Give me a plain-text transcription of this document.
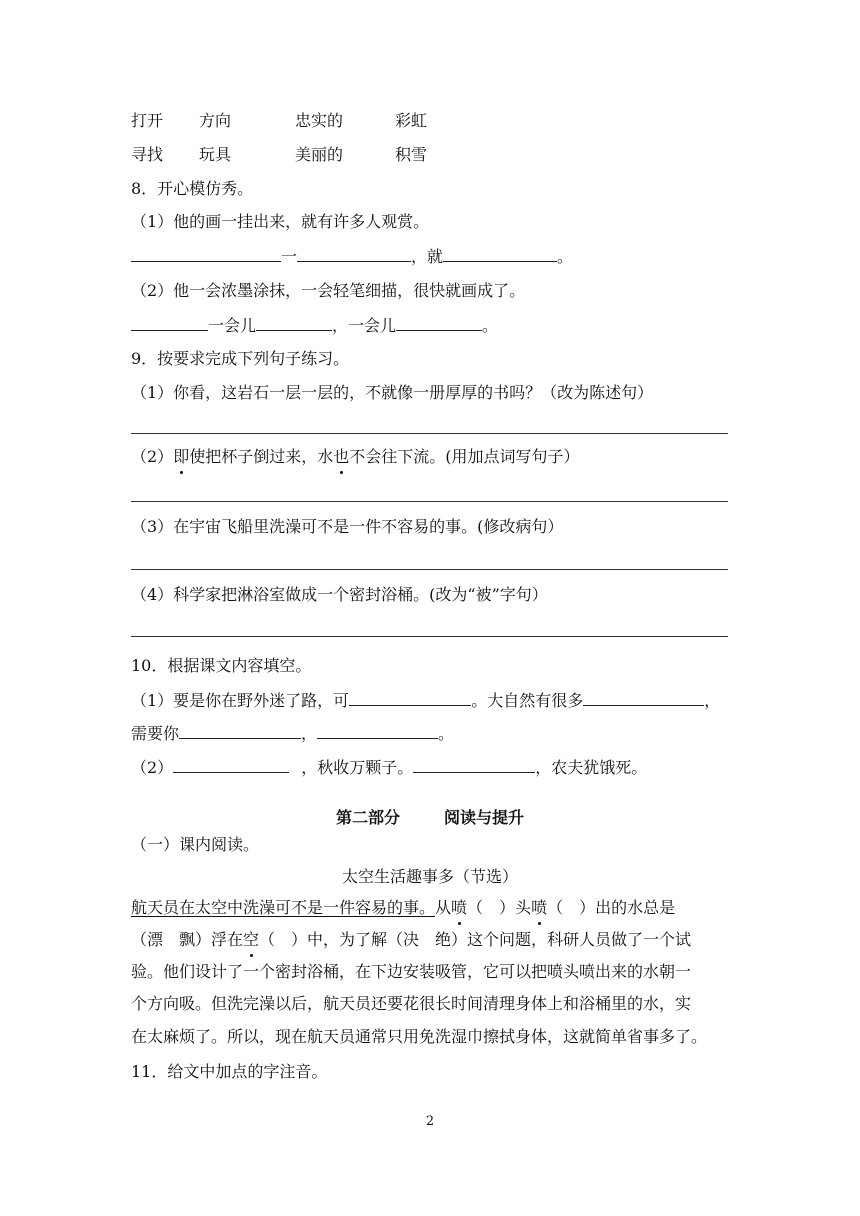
打开 方向	忠实的	彩虹
寻找 玩具	美丽的	积雪
8．开心模仿秀。
（1）他的画一挂出来，就有许多人观赏。
一	，就	。
（2）他一会浓墨涂抹，一会轻笔细描，很快就画成了。
一会儿	，一会儿	。
9．按要求完成下列句子练习。
（1）你看，这岩石一层一层的，不就像一册厚厚的书吗？（改为陈述句）
（2）即使把杯子倒过来，水也不会往下流。(用加点词写句子）
（3）在宇宙飞船里洗澡可不是一件不容易的事。(修改病句）
（4）科学家把淋浴室做成一个密封浴桶。(改为“被”字句）
10．根据课文内容填空。
（1）要是你在野外迷了路，可	。大自然有很多	，
需要你	，	。
（2）	，秋收万颗子。	，农夫犹饿死。
第二部分	阅读与提升
（一）课内阅读。
太空生活趣事多（节选）
航天员在太空中洗澡可不是一件容易的事。从喷（　）头喷（　）出的水总是
（漂　飘）浮在空（　）中，为了解（决　绝）这个问题，科研人员做了一个试
验。他们设计了一个密封浴桶，在下边安装吸管，它可以把喷头喷出来的水朝一
个方向吸。但洗完澡以后，航天员还要花很长时间清理身体上和浴桶里的水，实
在太麻烦了。所以，现在航天员通常只用免洗湿巾擦拭身体，这就简单省事多了。
11．给文中加点的字注音。
2
